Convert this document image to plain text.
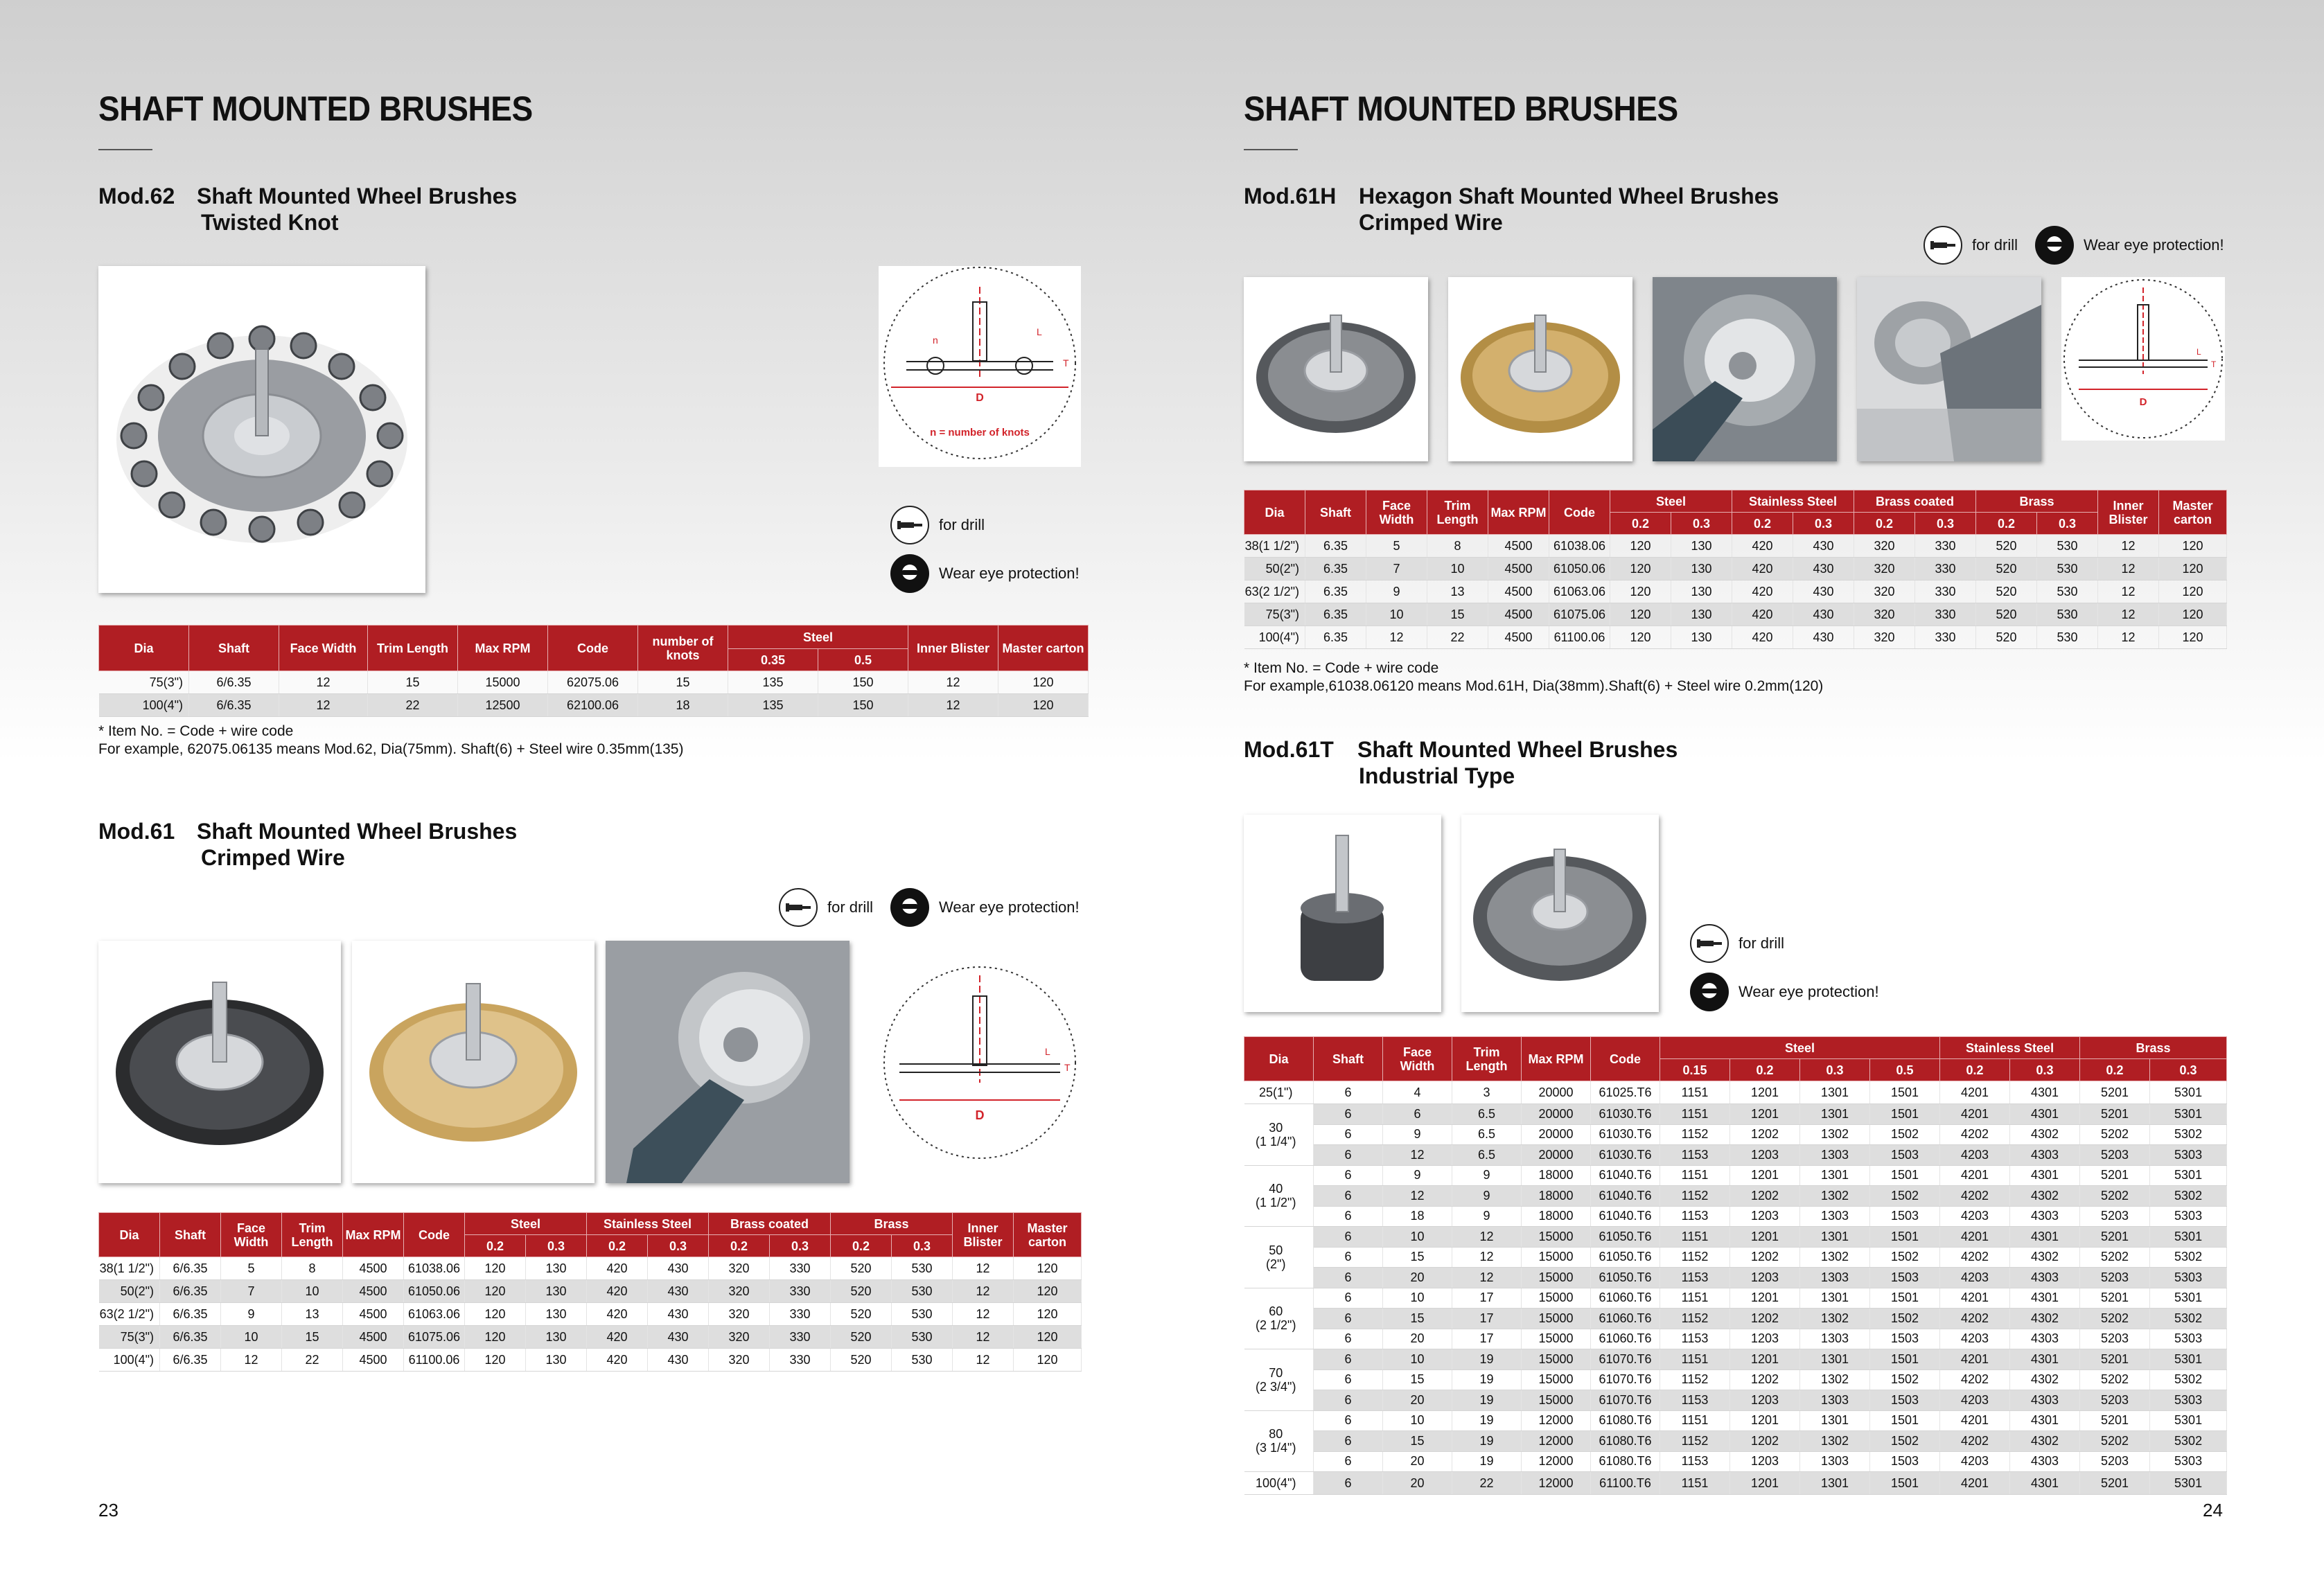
SHAFT MOUNTED BRUSHES
Mod.62 Shaft Mounted Wheel Brushes
Twisted Knot
D
n
L
T
n = number of knots
for drill
Wear eye protection!
Dia	Shaft	Face Width	Trim Length	Max RPM	Code	number of knots	Steel		Inner Blister	Master carton
							0.35	0.5		
75(3")	6/6.35	12	15	15000	62075.06	15	135	150	12	120
100(4")	6/6.35	12	22	12500	62100.06	18	135	150	12	120
* Item No. = Code + wire code
For example, 62075.06135 means Mod.62, Dia(75mm). Shaft(6) + Steel wire 0.35mm(135)
Mod.61 Shaft Mounted Wheel Brushes
Crimped Wire
for drill	Wear eye protection!
D
T
L
Dia	Shaft	Face Width	Trim Length	Max RPM	Code	Steel		Stainless Steel		Brass coated		Brass		Inner Blister	Master carton
						0.2	0.3	0.2	0.3	0.2	0.3	0.2	0.3		
38(1 1/2")	6/6.35	5	8	4500	61038.06	120	130	420	430	320	330	520	530	12	120
50(2")	6/6.35	7	10	4500	61050.06	120	130	420	430	320	330	520	530	12	120
63(2 1/2")	6/6.35	9	13	4500	61063.06	120	130	420	430	320	330	520	530	12	120
75(3")	6/6.35	10	15	4500	61075.06	120	130	420	430	320	330	520	530	12	120
100(4")	6/6.35	12	22	4500	61100.06	120	130	420	430	320	330	520	530	12	120
23
SHAFT MOUNTED BRUSHES
Mod.61H Hexagon Shaft Mounted Wheel Brushes
Crimped Wire
for drill	Wear eye protection!
D
T
L
Dia	Shaft	Face Width	Trim Length	Max RPM	Code	Steel		Stainless Steel		Brass coated		Brass		Inner Blister	Master carton
						0.2	0.3	0.2	0.3	0.2	0.3	0.2	0.3		
38(1 1/2")	6.35	5	8	4500	61038.06	120	130	420	430	320	330	520	530	12	120
50(2")	6.35	7	10	4500	61050.06	120	130	420	430	320	330	520	530	12	120
63(2 1/2")	6.35	9	13	4500	61063.06	120	130	420	430	320	330	520	530	12	120
75(3")	6.35	10	15	4500	61075.06	120	130	420	430	320	330	520	530	12	120
100(4")	6.35	12	22	4500	61100.06	120	130	420	430	320	330	520	530	12	120
* Item No. = Code + wire code
For example,61038.06120 means Mod.61H, Dia(38mm).Shaft(6) + Steel wire 0.2mm(120)
Mod.61T Shaft Mounted Wheel Brushes
Industrial Type
for drill
Wear eye protection!
Dia	Shaft	Face Width	Trim Length	Max RPM	Code	Steel				Stainless Steel		Brass	
						0.15	0.2	0.3	0.5	0.2	0.3	0.2	0.3

25(1")	6	4	3	20000	61025.T6	1151	1201	1301	1501	4201	4301	5201	5301

30
(1 1/4")	6	6	6.5	20000	61030.T6	1151	1201	1301	1501	4201	4301	5201	5301
	6	9	6.5	20000	61030.T6	1152	1202	1302	1502	4202	4302	5202	5302
	6	12	6.5	20000	61030.T6	1153	1203	1303	1503	4203	4303	5203	5303

40
(1 1/2")	6	9	9	18000	61040.T6	1151	1201	1301	1501	4201	4301	5201	5301
	6	12	9	18000	61040.T6	1152	1202	1302	1502	4202	4302	5202	5302
	6	18	9	18000	61040.T6	1153	1203	1303	1503	4203	4303	5203	5303

50
(2")	6	10	12	15000	61050.T6	1151	1201	1301	1501	4201	4301	5201	5301
	6	15	12	15000	61050.T6	1152	1202	1302	1502	4202	4302	5202	5302
	6	20	12	15000	61050.T6	1153	1203	1303	1503	4203	4303	5203	5303

60
(2 1/2")	6	10	17	15000	61060.T6	1151	1201	1301	1501	4201	4301	5201	5301
	6	15	17	15000	61060.T6	1152	1202	1302	1502	4202	4302	5202	5302
	6	20	17	15000	61060.T6	1153	1203	1303	1503	4203	4303	5203	5303

70
(2 3/4")	6	10	19	15000	61070.T6	1151	1201	1301	1501	4201	4301	5201	5301
	6	15	19	15000	61070.T6	1152	1202	1302	1502	4202	4302	5202	5302
	6	20	19	15000	61070.T6	1153	1203	1303	1503	4203	4303	5203	5303

80
(3 1/4")	6	10	19	12000	61080.T6	1151	1201	1301	1501	4201	4301	5201	5301
	6	15	19	12000	61080.T6	1152	1202	1302	1502	4202	4302	5202	5302
	6	20	19	12000	61080.T6	1153	1203	1303	1503	4203	4303	5203	5303

100(4")	6	20	22	12000	61100.T6	1151	1201	1301	1501	4201	4301	5201	5301
24
